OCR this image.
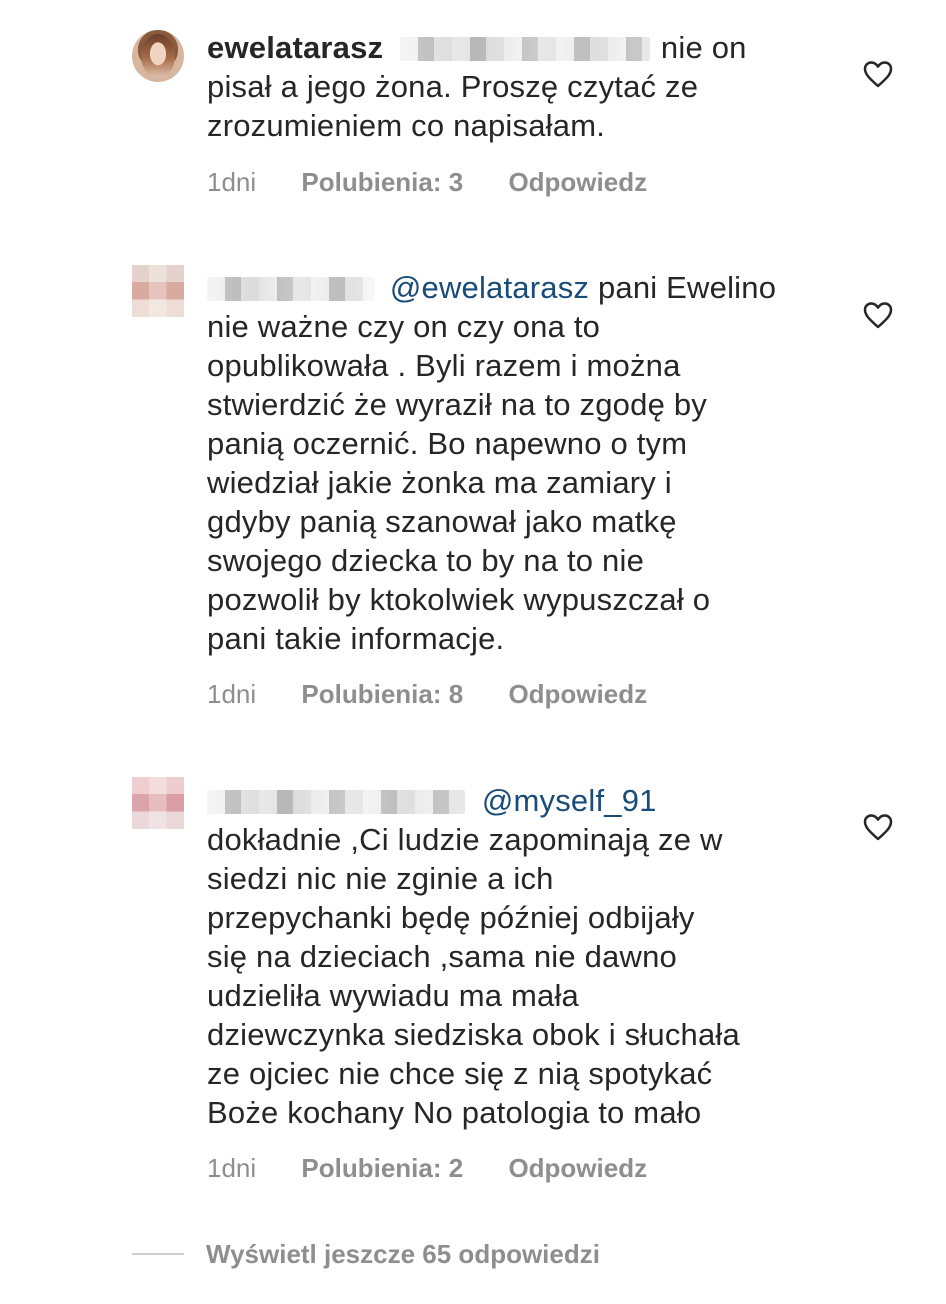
ewelatarasz	nie on
pisał a jego żona. Proszę czytać ze
zrozumieniem co napisałam.
1dni Polubienia: 3 Odpowiedz
@ewelatarasz pani Ewelino
nie ważne czy on czy ona to
opublikowała . Byli razem i można
stwierdzić że wyraził na to zgodę by
panią oczernić. Bo napewno o tym
wiedział jakie żonka ma zamiary i
gdyby panią szanował jako matkę
swojego dziecka to by na to nie
pozwolił by ktokolwiek wypuszczał o
pani takie informacje.
1dni Polubienia: 8 Odpowiedz
@myself_91
dokładnie ,Ci ludzie zapominają ze w
siedzi nic nie zginie a ich
przepychanki będę później odbijały
się na dzieciach ,sama nie dawno
udzieliła wywiadu ma mała
dziewczynka siedziska obok i słuchała
ze ojciec nie chce się z nią spotykać
Boże kochany No patologia to mało
1dni Polubienia: 2 Odpowiedz
Wyświetl jeszcze 65 odpowiedzi
